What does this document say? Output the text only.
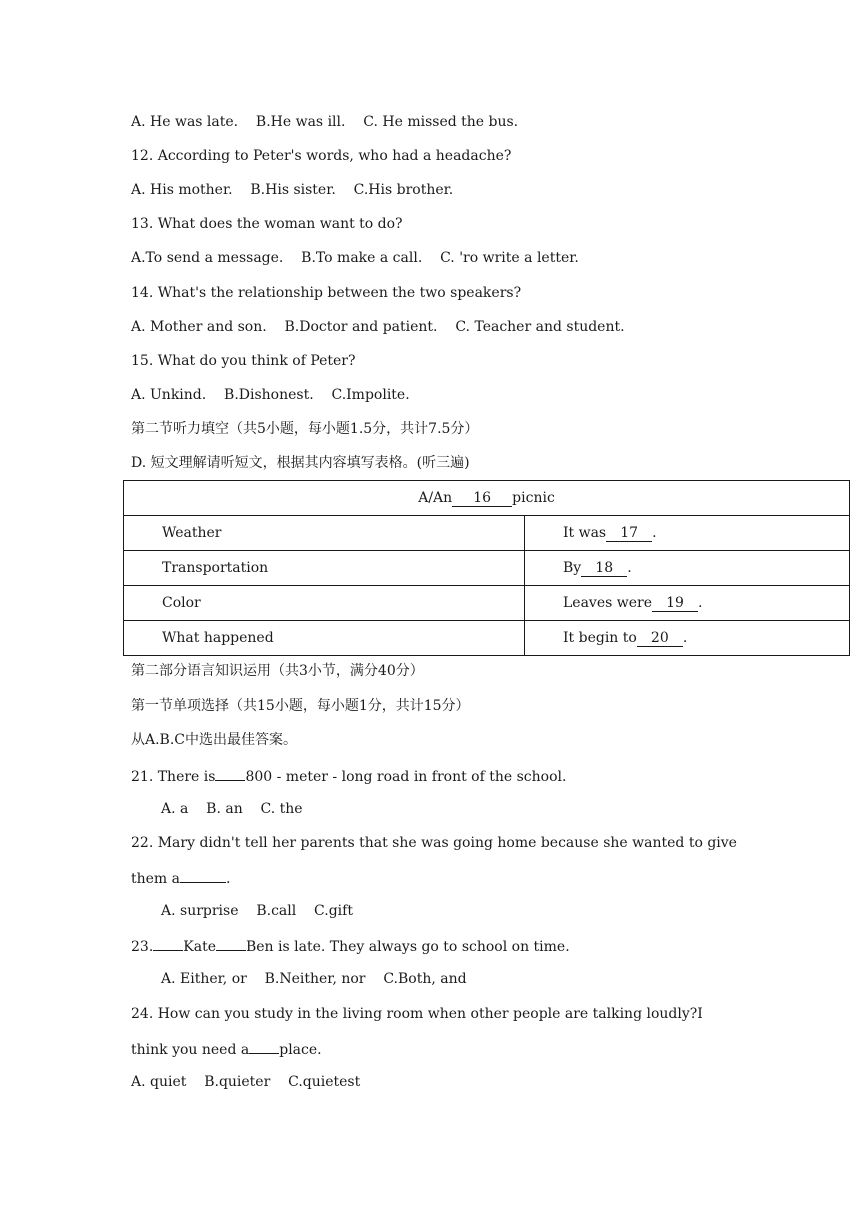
A. He was late. B.He was ill. C. He missed the bus.
12. According to Peter's words, who had a headache?
A. His mother. B.His sister. C.His brother.
13. What does the woman want to do?
A.To send a message. B.To make a call. C. 'ro write a letter.
14. What's the relationship between the two speakers?
A. Mother and son. B.Doctor and patient. C. Teacher and student.
15. What do you think of Peter?
A. Unkind. B.Dishonest. C.Impolite.
第二节听力填空（共5小题，每小题1.5分，共计7.5分）
D. 短文理解请听短文，根据其内容填写表格。(听三遍)
A/An 16 picnic	
Weather	It was 17 .
Transportation	By 18 .
Color	Leaves were 19 .
What happened	It begin to 20 .
第二部分语言知识运用（共3小节，满分40分）
第一节单项选择（共15小题，每小题1分，共计15分）
从A.B.C中选出最佳答案。
21. There is 800 - meter - long road in front of the school.
A. a B. an C. the
22. Mary didn't tell her parents that she was going home because she wanted to give
them a	.
A. surprise B.call C.gift
23. Kate Ben is late. They always go to school on time.
A. Either, or B.Neither, nor C.Both, and
24. How can you study in the living room when other people are talking loudly?I
think you need a place.
A. quiet B.quieter C.quietest
